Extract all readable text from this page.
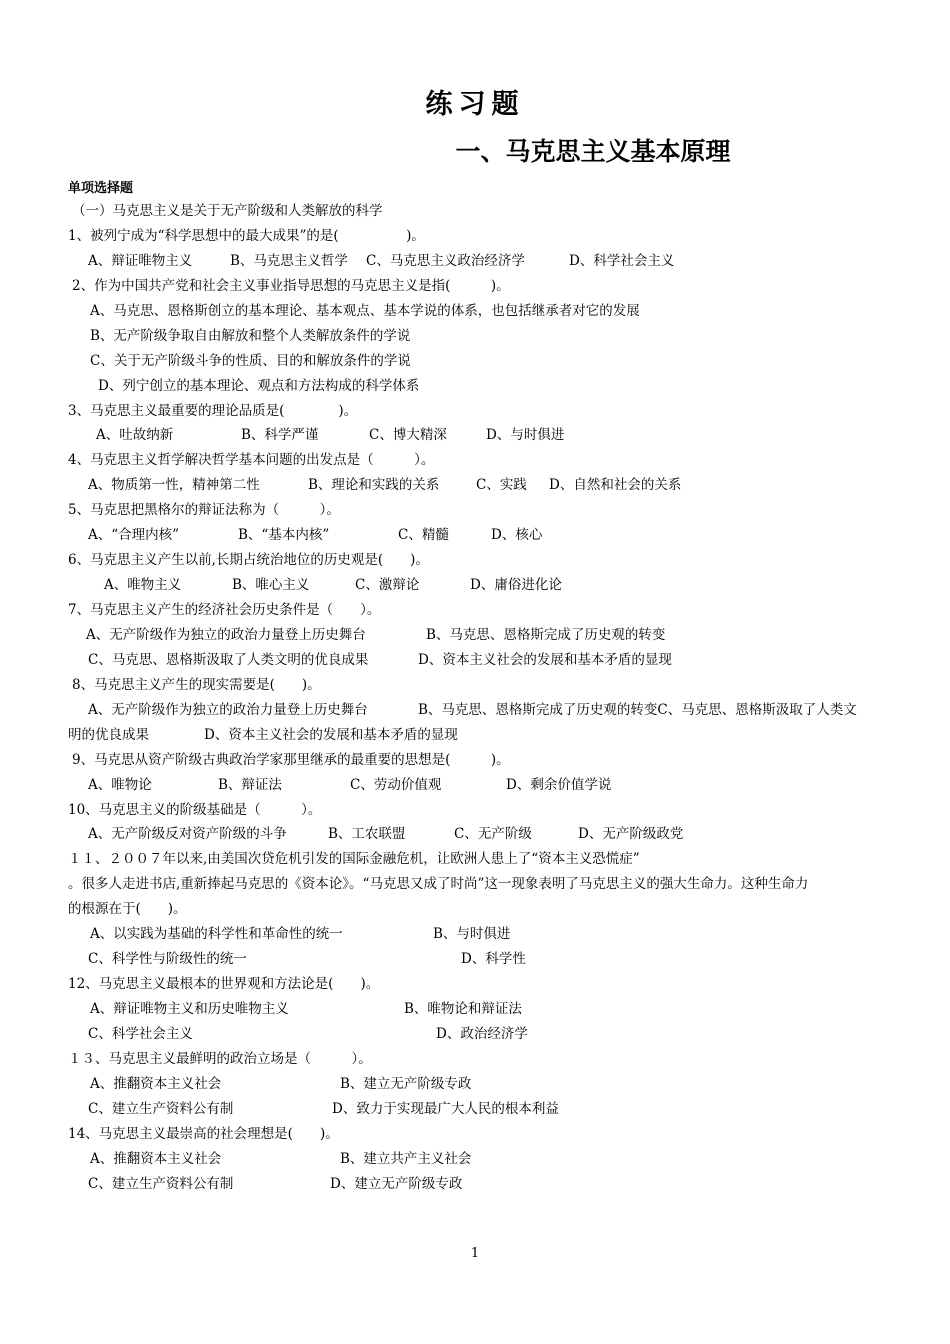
练习题
一、马克思主义基本原理
单项选择题
（一）马克思主义是关于无产阶级和人类解放的科学
1、被列宁成为“科学思想中的最大成果”的是(　　　　　)。
A、辩证唯物主义	B、马克思主义哲学 C、马克思主义政治经济学	D、科学社会主义
2、作为中国共产党和社会主义事业指导思想的马克思主义是指(　　　)。
A、马克思、恩格斯创立的基本理论、基本观点、基本学说的体系，也包括继承者对它的发展
B、无产阶级争取自由解放和整个人类解放条件的学说
C、关于无产阶级斗争的性质、目的和解放条件的学说
D、列宁创立的基本理论、观点和方法构成的科学体系
3、马克思主义最重要的理论品质是(　　　　)。
A、吐故纳新	B、科学严谨	C、博大精深	D、与时俱进
4、马克思主义哲学解决哲学基本问题的出发点是（　　　）。
A、物质第一性，精神第二性	B、理论和实践的关系	C、实践 D、自然和社会的关系
5、马克思把黑格尔的辩证法称为（　　　）。
A、“合理内核”	B、“基本内核”	C、精髓	D、核心
6、马克思主义产生以前,长期占统治地位的历史观是(　　)。
A、唯物主义	B、唯心主义	C、激辩论	D、庸俗进化论
7、马克思主义产生的经济社会历史条件是（　　）。
A、无产阶级作为独立的政治力量登上历史舞台	B、马克思、恩格斯完成了历史观的转变
C、马克思、恩格斯汲取了人类文明的优良成果	D、资本主义社会的发展和基本矛盾的显现
8、马克思主义产生的现实需要是(　　)。
A、无产阶级作为独立的政治力量登上历史舞台	B、马克思、恩格斯完成了历史观的转变C、马克思、恩格斯汲取了人类文
明的优良成果	D、资本主义社会的发展和基本矛盾的显现
9、马克思从资产阶级古典政治学家那里继承的最重要的思想是(　　　)。
A、唯物论	B、辩证法	C、劳动价值观	D、剩余价值学说
10、马克思主义的阶级基础是（　　　）。
A、无产阶级反对资产阶级的斗争	B、工农联盟	C、无产阶级	D、无产阶级政党
１１、２００７年以来,由美国次贷危机引发的国际金融危机，让欧洲人患上了“资本主义恐慌症”
。很多人走进书店,重新捧起马克思的《资本论》。“马克思又成了时尚”这一现象表明了马克思主义的强大生命力。这种生命力
的根源在于(　　)。
A、以实践为基础的科学性和革命性的统一	B、与时俱进
C、科学性与阶级性的统一	D、科学性
12、马克思主义最根本的世界观和方法论是(　　)。
A、辩证唯物主义和历史唯物主义	B、唯物论和辩证法
C、科学社会主义	D、政治经济学
１３、马克思主义最鲜明的政治立场是（　　　）。
A、推翻资本主义社会	B、建立无产阶级专政
C、建立生产资料公有制	D、致力于实现最广大人民的根本利益
14、马克思主义最崇高的社会理想是(　　)。
A、推翻资本主义社会	B、建立共产主义社会
C、建立生产资料公有制	D、建立无产阶级专政
1
